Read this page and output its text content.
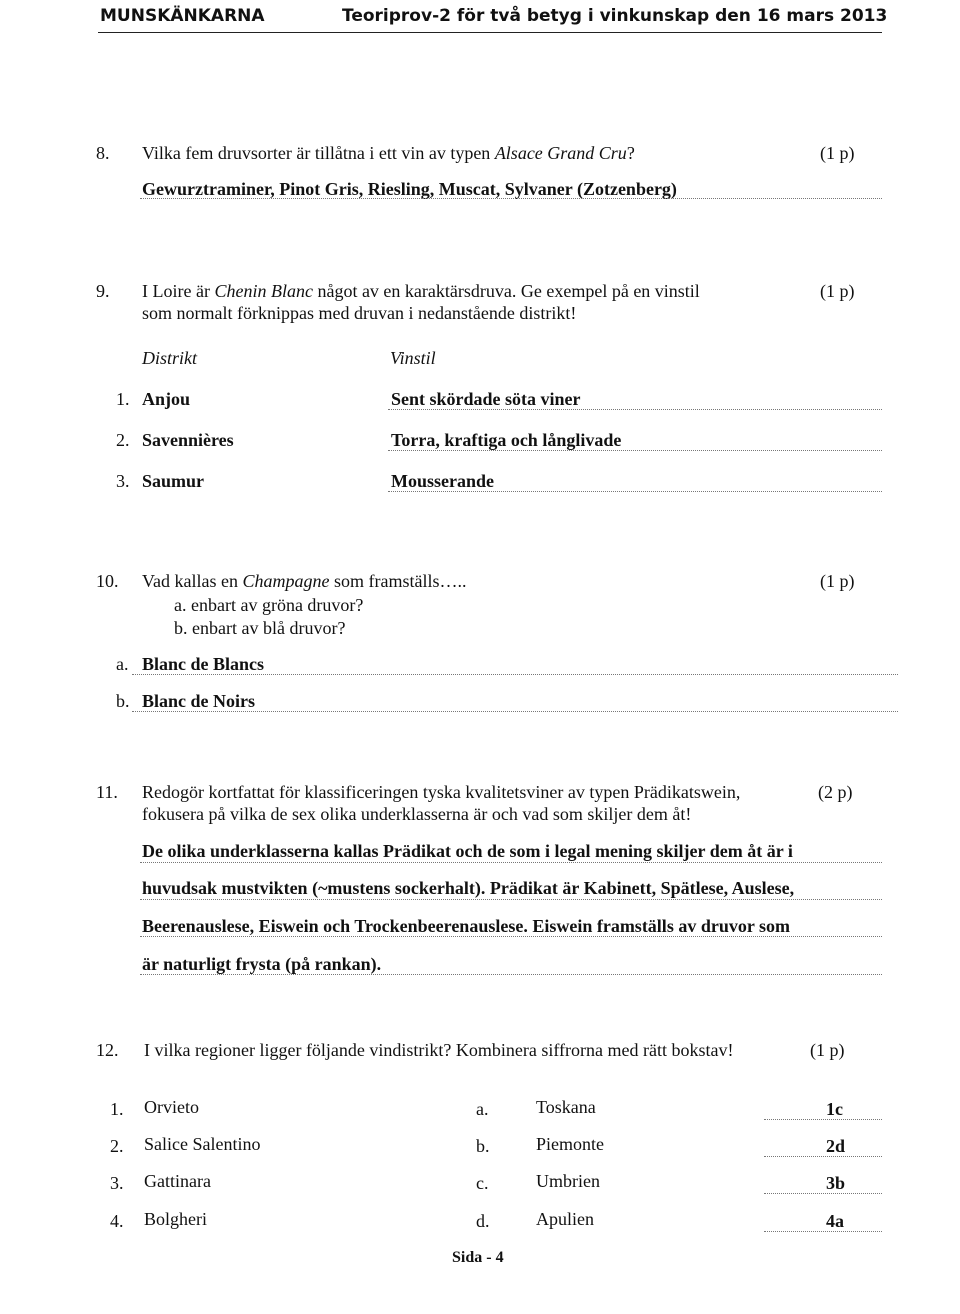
MUNSKÄNKARNA	Teoriprov-2 för två betyg i vinkunskap den 16 mars 2013
8. Vilka fem druvsorter är tillåtna i ett vin av typen Alsace Grand Cru?	(1 p)
Gewurztraminer, Pinot Gris, Riesling, Muscat, Sylvaner (Zotzenberg)
9. I Loire är Chenin Blanc något av en karaktärsdruva. Ge exempel på en vinstil	(1 p)
som normalt förknippas med druvan i nedanstående distrikt!
Distrikt	Vinstil
1. Anjou	Sent skördade söta viner
2. Savennières	Torra, kraftiga och långlivade
3. Saumur	Mousserande
10. Vad kallas en Champagne som framställs…..	(1 p)
a. enbart av gröna druvor?
b. enbart av blå druvor?
a. Blanc de Blancs
b. Blanc de Noirs
11. Redogör kortfattat för klassificeringen tyska kvalitetsviner av typen Prädikatswein,	(2 p)
fokusera på vilka de sex olika underklasserna är och vad som skiljer dem åt!
De olika underklasserna kallas Prädikat och de som i legal mening skiljer dem åt är i
huvudsak mustvikten (~mustens sockerhalt). Prädikat är Kabinett, Spätlese, Auslese,
Beerenauslese, Eiswein och Trockenbeerenauslese. Eiswein framställs av druvor som
är naturligt frysta (på rankan).
12. I vilka regioner ligger följande vindistrikt? Kombinera siffrorna med rätt bokstav!	(1 p)
1. Orvieto	a.	Toskana	1c
2. Salice Salentino	b.	Piemonte	2d
3. Gattinara	c.	Umbrien	3b
4. Bolgheri	d.	Apulien	4a
Sida - 4
